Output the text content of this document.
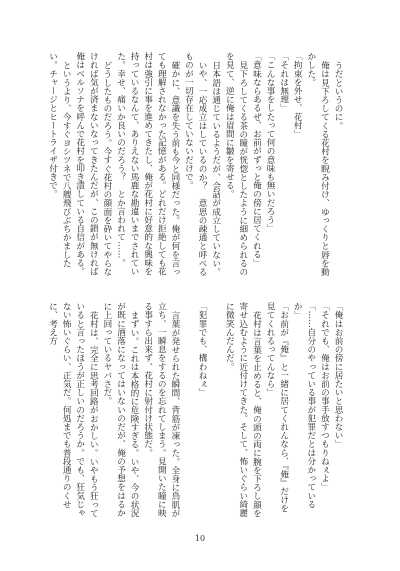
うだというのに。

俺は見下ろしてくる花村を睨み付け、ゆっくりと唇を動かした。

「拘束を外せ、花村」

「それは無理」

「こんな事をしたって何の意味も無いだろう」

「意味ならあるぜ、お前がずっと俺の傍に居てくれる」

見下ろしてくる茶の瞳が恍惚としたように細められるのを見て、逆に俺は眉間に皺を寄せる。

日本語は通じているようだが、会話が成立していない。

いや、一応成立はしているのか？　意思の疎通と呼べるものが一切存在していないだけで。

確かに、意識を失う前も今と同様だった。俺が何を言っても理解されなかった記憶がある。どれだけ拒絶しても花村は強引に事を進めてきたし、俺が花村に好意的な興味を持っているなんて、ありえない馬鹿な勘違いまでされていた。幸せ、痛いか良いのだろう？　とか言われて……。

どうしたものだろう。今すぐ花村の顔面を砕いてやらなければ気が済まないなってきたんだが、この鎖が無ければ俺はベルソナを呼んで花村を叩き潰している自信がある。

というより、今すぐヨシツネで八艘飛びぶちかましたい。チャージとヒートライザ付きで。

「俺はお前の傍に居たいと思わない」

「それでも、俺はお前の事手放すつもりねぇよ」

「……自分のやっている事が犯罪だとは分かっているか」

「お前が『俺』と一緒に居てくれんなら、『俺』だけを見てくれるってんなら」

花村は言葉を止めると、俺の頭の両に腕を下ろし顔を寄せ込むように近付けてきた。そして、怖いぐらい綺麗に微笑んだんだ。

「犯罪でも、構わねぇ」

言葉が発せられた瞬間、背筋が凍った。全身に鳥肌が立ち、一瞬息をするのを忘れてしまう。見開いた瞳に映る事すら出来ず、花村に射付け状態だ。

まずい。これは本格的に危険すぎる。いや、今の状況が既に酒落になってはいないのだが、俺の予想をはるかに上回っているヤバさだ。

花村は、完全に思考回路がおかしい。いやもう狂っていると言ったほうが正しいのだろうか。でも、狂気じゃない怖いぐらい、正気だ。何処までも普段通りのくせに、考え方

10
